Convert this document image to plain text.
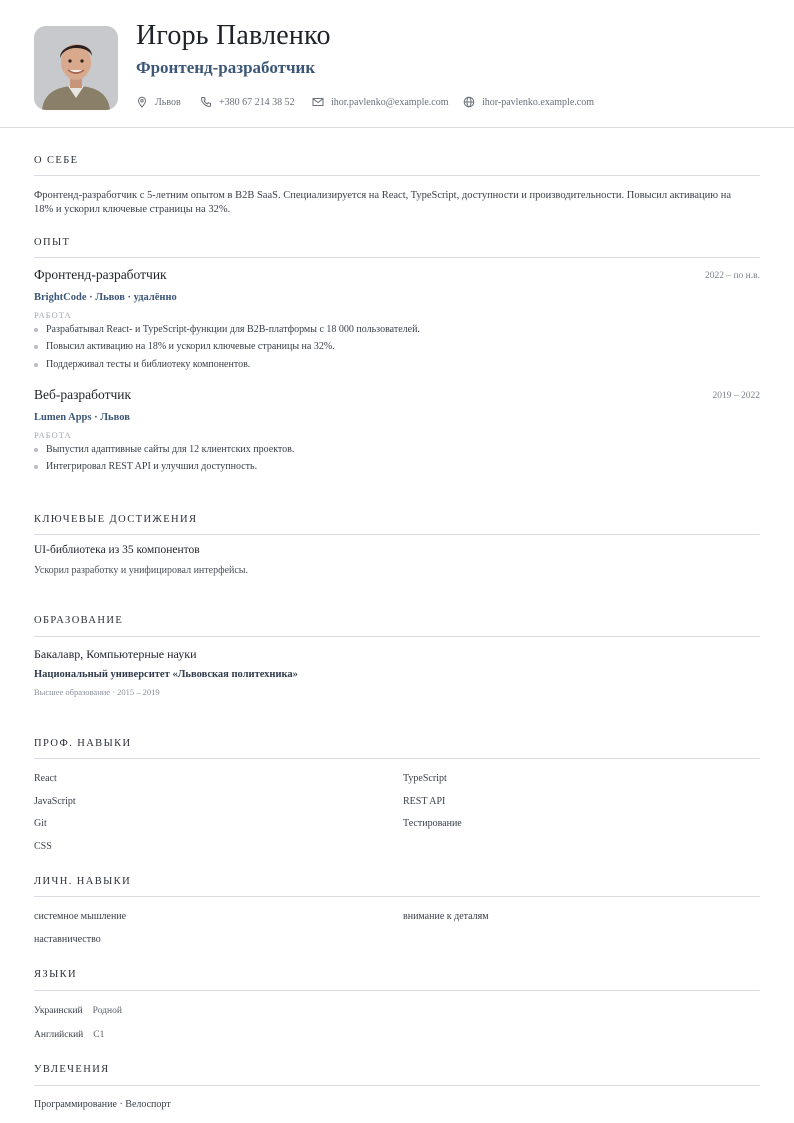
Игорь Павленко
Фронтенд-разработчик
Львов	+380 67 214 38 52	ihor.pavlenko@example.com	ihor-pavlenko.example.com
О СЕБЕ
Фронтенд-разработчик с 5-летним опытом в B2B SaaS. Специализируется на React, TypeScript, доступности и производительности. Повысил активацию на
18% и ускорил ключевые страницы на 32%.
ОПЫТ
Фронтенд-разработчик	2022 – по н.в.
BrightCode · Львов · удалённо
РАБОТА
Разрабатывал React- и TypeScript-функции для B2B-платформы с 18 000 пользователей.
Повысил активацию на 18% и ускорил ключевые страницы на 32%.
Поддерживал тесты и библиотеку компонентов.
Веб-разработчик	2019 – 2022
Lumen Apps · Львов
РАБОТА
Выпустил адаптивные сайты для 12 клиентских проектов.
Интегрировал REST API и улучшил доступность.
КЛЮЧЕВЫЕ ДОСТИЖЕНИЯ
UI-библиотека из 35 компонентов
Ускорил разработку и унифицировал интерфейсы.
ОБРАЗОВАНИЕ
Бакалавр, Компьютерные науки
Национальный университет «Львовская политехника»
Высшее образование · 2015 – 2019
ПРОФ. НАВЫКИ
React	TypeScript
JavaScript	REST API
Git	Тестирование
CSS
ЛИЧН. НАВЫКИ
системное мышление	внимание к деталям
наставничество
ЯЗЫКИ
Украинский Родной
Английский C1
УВЛЕЧЕНИЯ
Программирование · Велоспорт
